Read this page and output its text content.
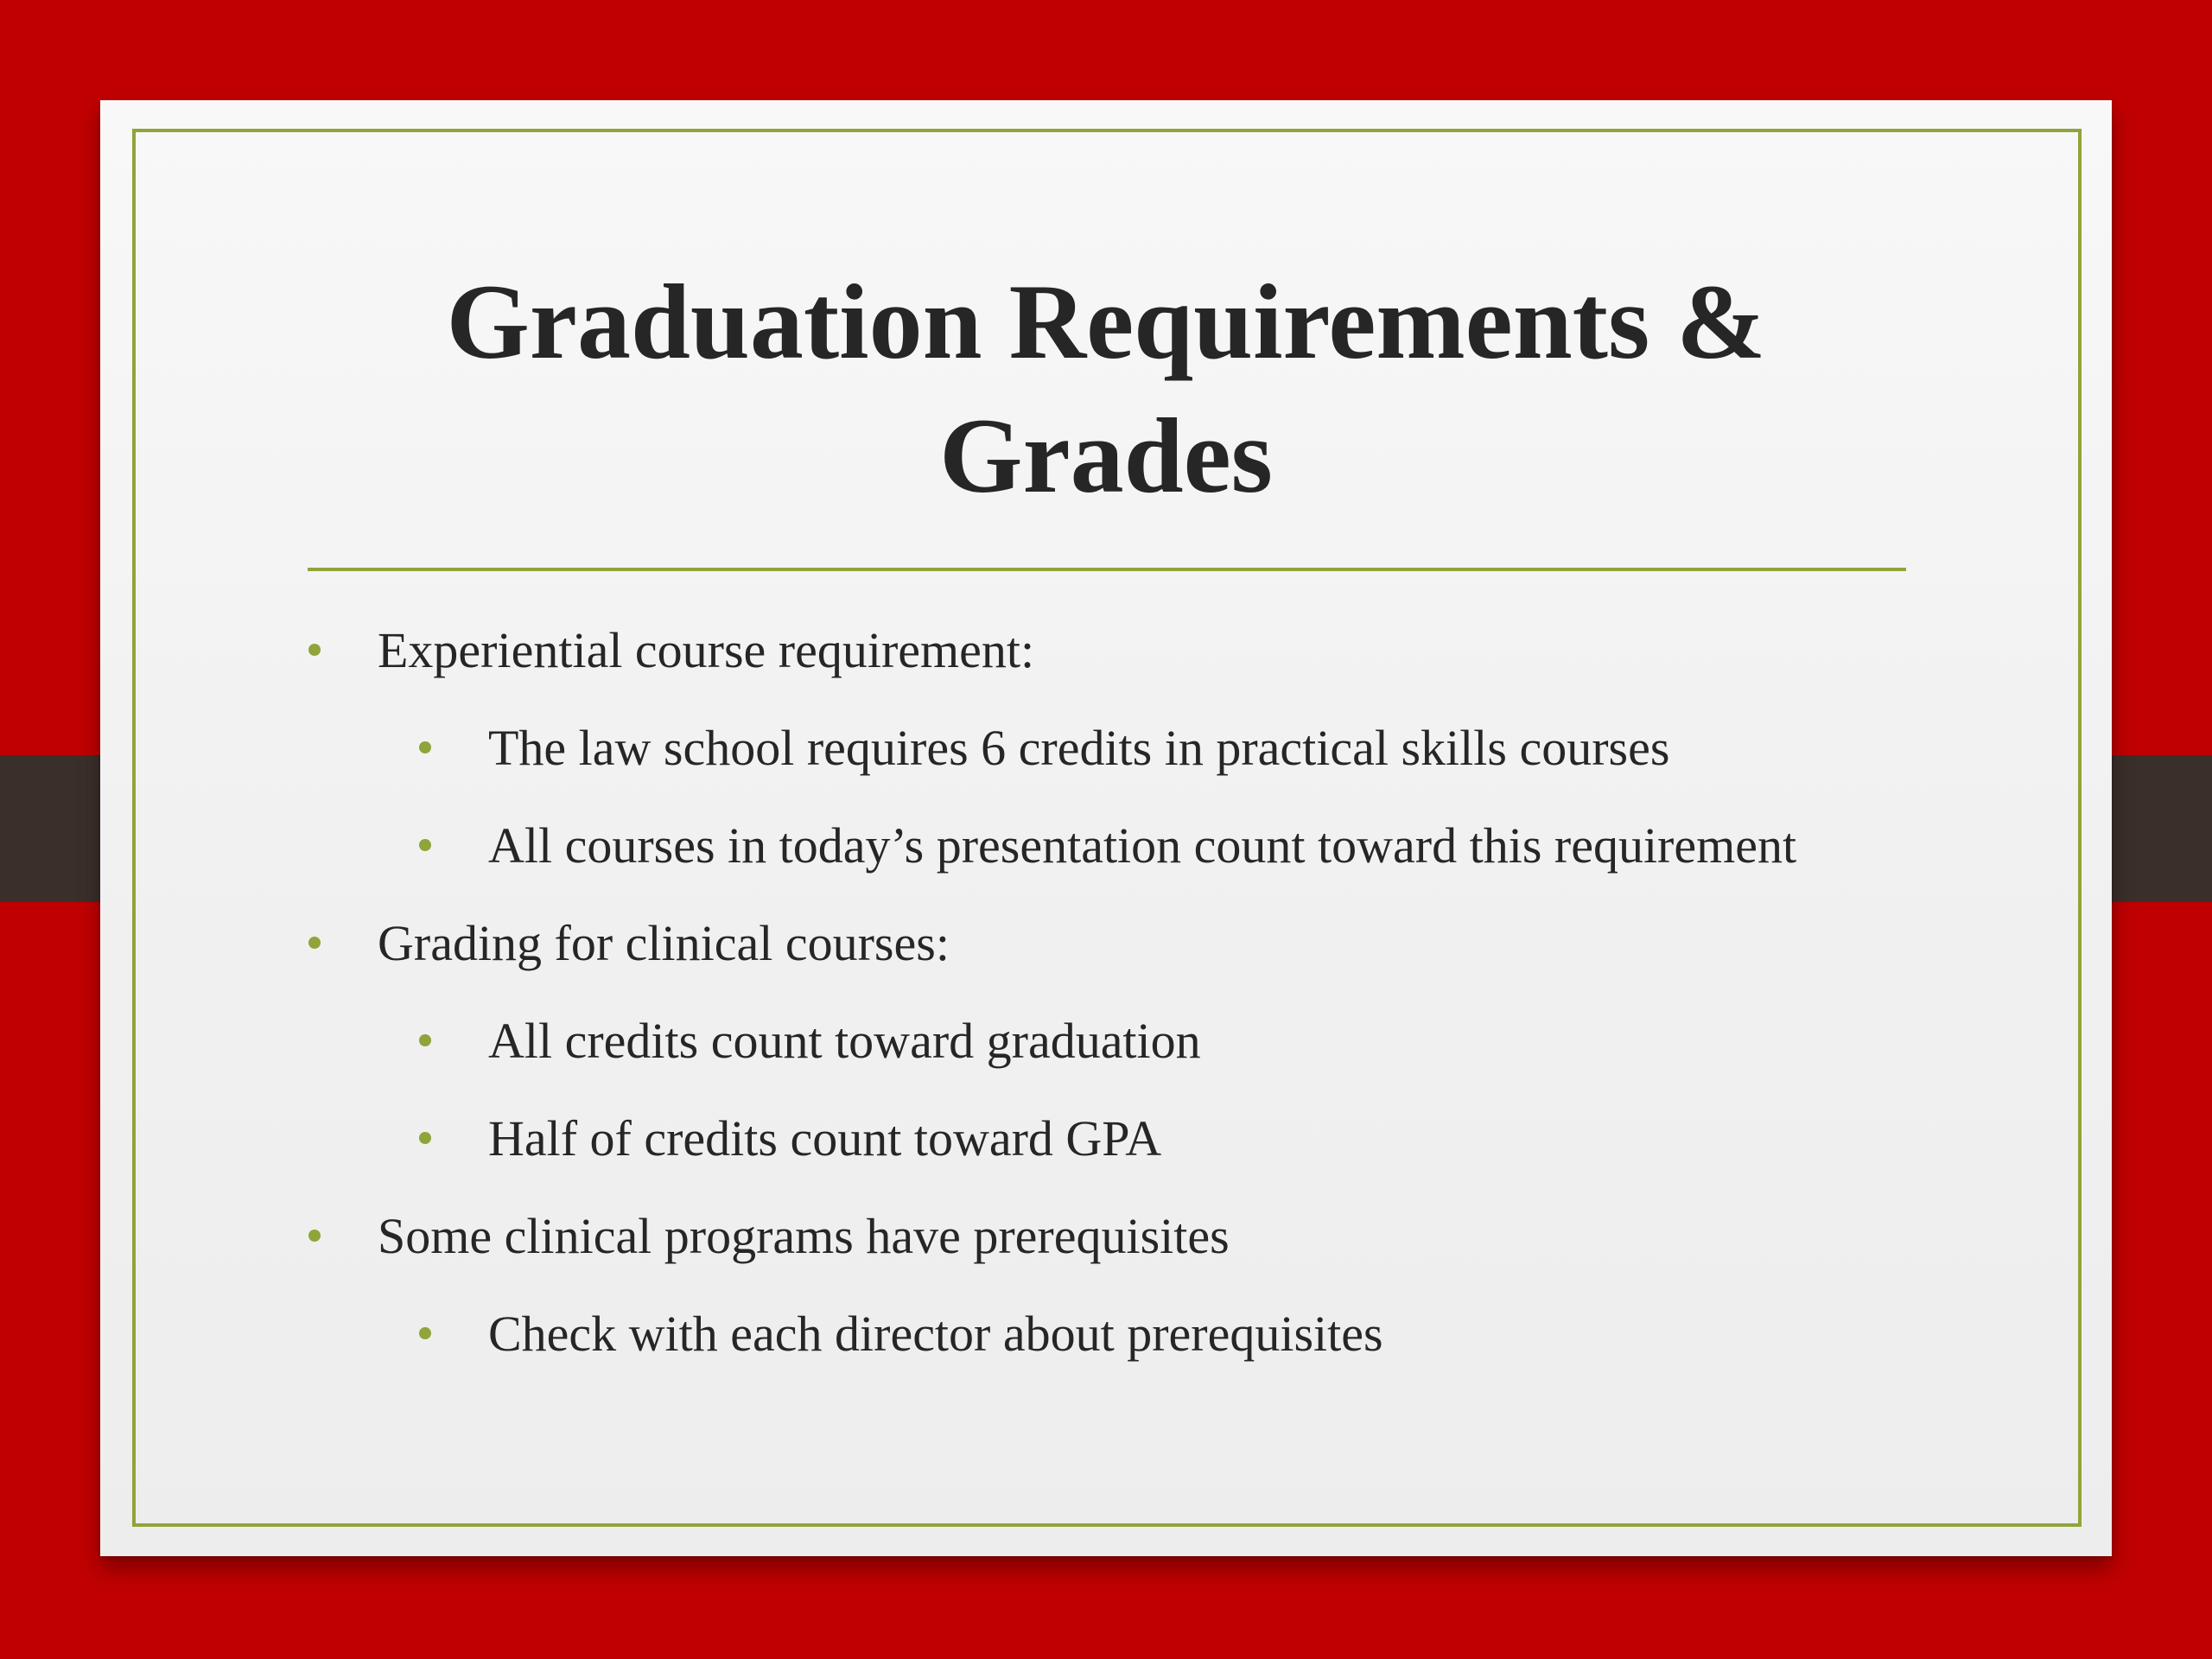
Graduation Requirements &
Grades
Experiential course requirement:
The law school requires 6 credits in practical skills courses
All courses in today’s presentation count toward this requirement
Grading for clinical courses:
All credits count toward graduation
Half of credits count toward GPA
Some clinical programs have prerequisites
Check with each director about prerequisites
